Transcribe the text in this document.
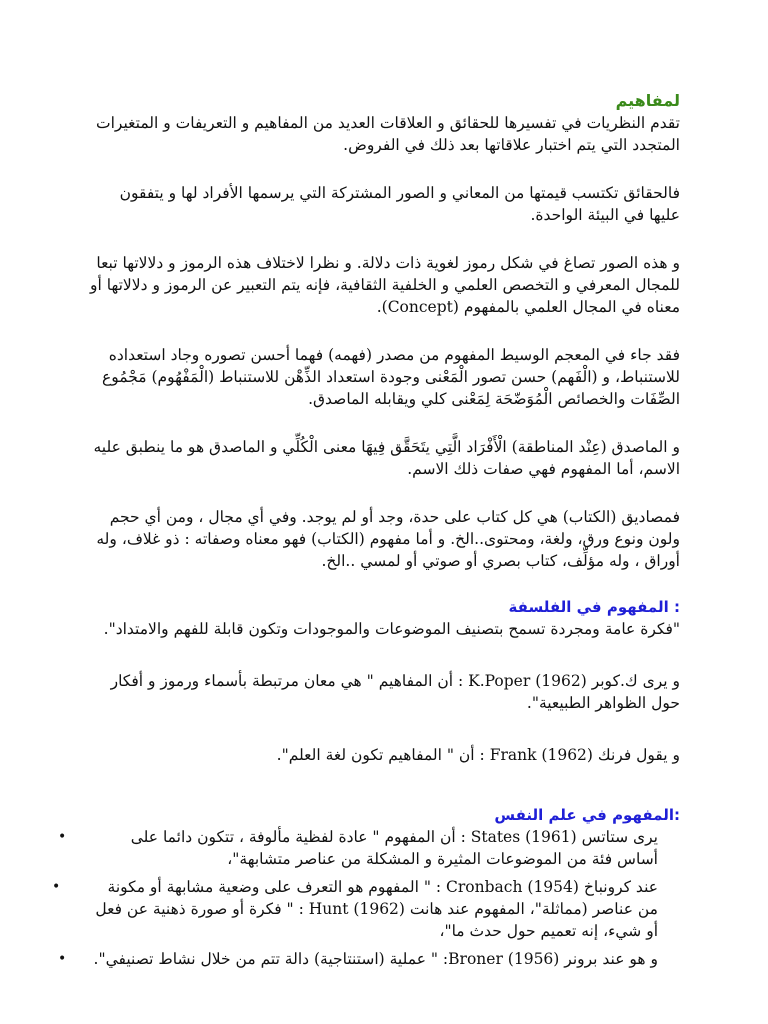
لمفاهيم

تقدم النظريات في تفسيرها للحقائق و العلاقات العديد من المفاهيم و التعريفات و المتغيرات المتجدد التي يتم اختبار علاقاتها بعد ذلك في الفروض.

فالحقائق تكتسب قيمتها من المعاني و الصور المشتركة التي يرسمها الأفراد لها و يتفقون عليها في البيئة الواحدة.

و هذه الصور تصاغ في شكل رموز لغوية ذات دلالة. و نظرا لاختلاف هذه الرموز و دلالاتها تبعا للمجال المعرفي و التخصص العلمي و الخلفية الثقافية، فإنه يتم التعبير عن الرموز و دلالاتها أو معناه في المجال العلمي بالمفهوم (Concept).

فقد جاء في المعجم الوسيط المفهوم من مصدر (فهمه) فهما أحسن تصوره وجاد استعداده للاستنباط، و (الْفَهم) حسن تصور الْمَعْنى وجودة استعداد الذِّهْن للاستنباط (الْمَفْهُوم) مَجْمُوع الصِّفَات والخصائص الْمُوَضّحَة لِمَعْنى كلي ويقابله الماصدق.

و الماصدق (عِنْد المناطقة) الْأَفْرَاد الَّتِي يتَحَقَّق فِيهَا معنى الْكُلِّي و الماصدق هو ما ينطبق عليه الاسم، أما المفهوم فهي صفات ذلك الاسم.

فمصاديق (الكتاب) هي كل كتاب على حدة، وجد أو لم يوجد. وفي أي مجال ، ومن أي حجم ولون ونوع ورق، ولغة، ومحتوى..الخ. و أما مفهوم (الكتاب) فهو معناه وصفاته : ذو غلاف، وله أوراق ، وله مؤلِّف، كتاب بصري أو صوتي أو لمسي ..الخ.

: المفهوم في الفلسفة

"فكرة عامة ومجردة تسمح بتصنيف الموضوعات والموجودات وتكون قابلة للفهم والامتداد".

و يرى ك.كوبر (1962) K.Poper : أن المفاهيم " هي معان مرتبطة بأسماء ورموز و أفكار حول الظواهر الطبيعية".

و يقول فرنك (1962) Frank : أن " المفاهيم تكون لغة العلم".

:المفهوم في علم النفس
•	يرى ستاتس (1961) States : أن المفهوم " عادة لفظية مألوفة ، تتكون دائما على أساس فئة من الموضوعات المثيرة و المشكلة من عناصر متشابهة"،
•	عند كرونباخ (1954) Cronbach : " المفهوم هو التعرف على وضعية مشابهة أو مكونة من عناصر (مماثلة"، المفهوم عند هانت (1962) Hunt : " فكرة أو صورة ذهنية عن فعل أو شيء، إنه تعميم حول حدث ما"،
• و هو عند برونر (1956) Broner: " عملية (استنتاجية) دالة تتم من خلال نشاط تصنيفي".
